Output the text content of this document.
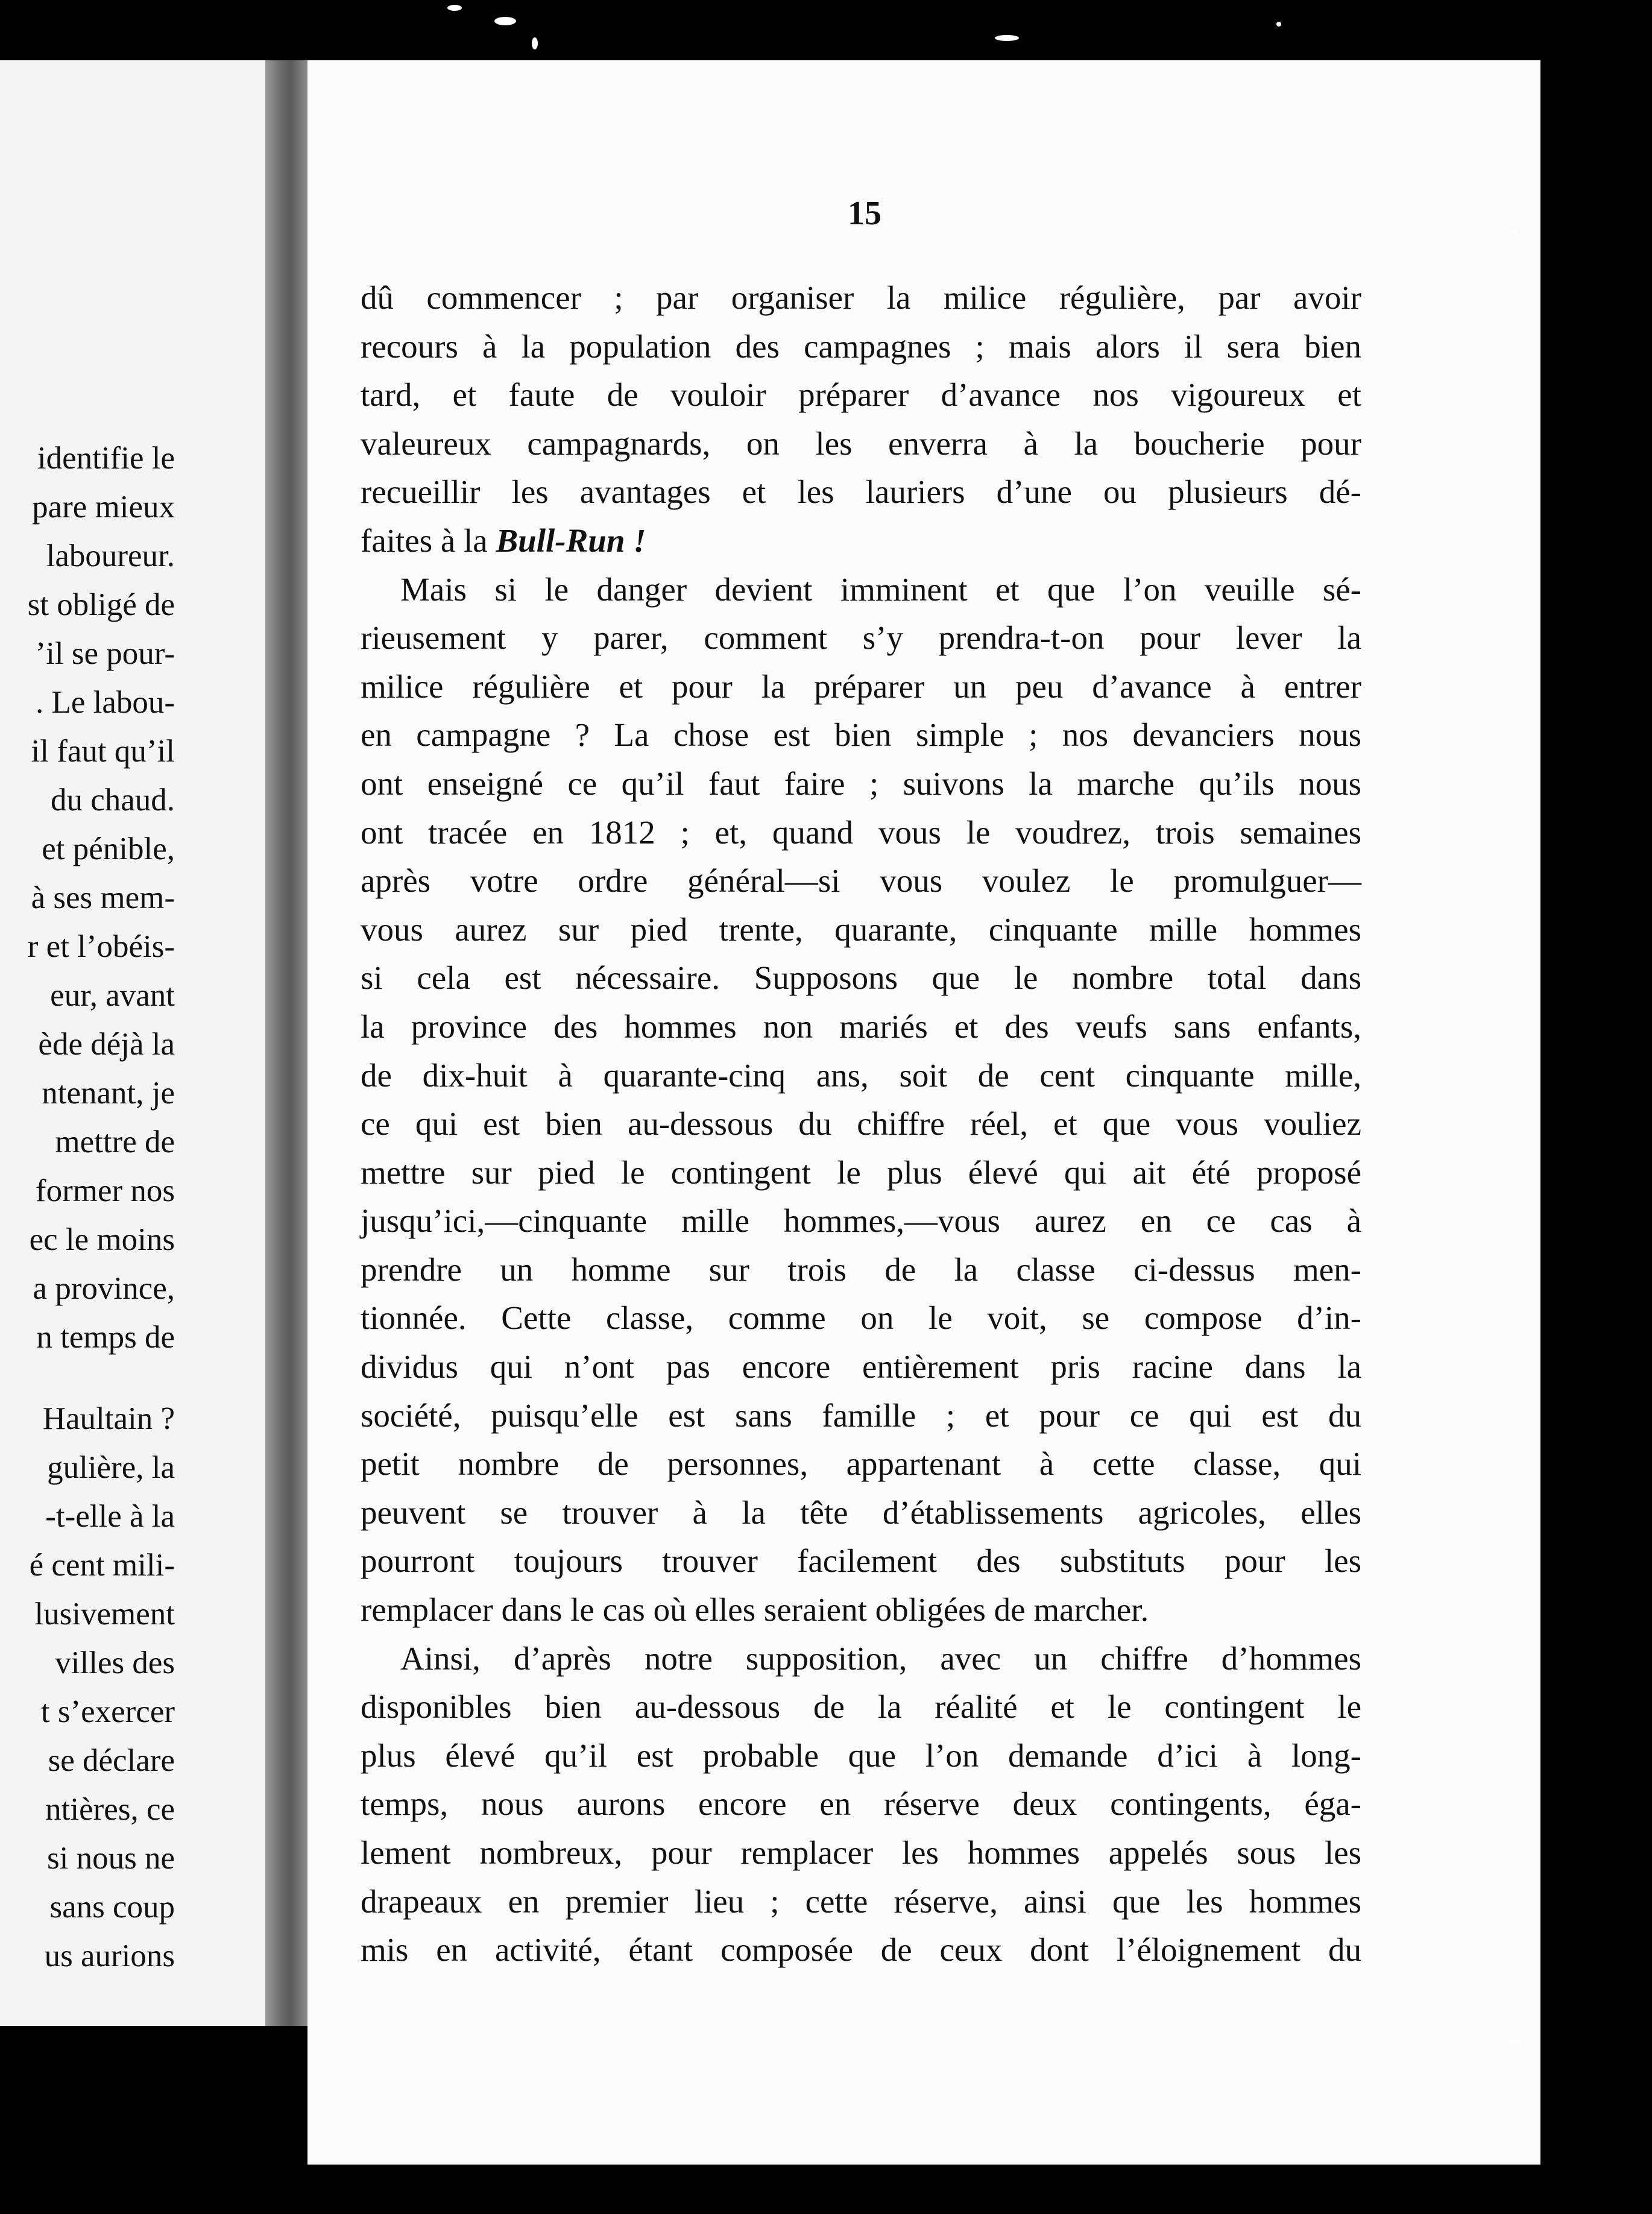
identifie le
pare mieux
laboureur.
st obligé de
’il se pour-
. Le labou-
il faut qu’il
du chaud.
et pénible,
à ses mem-
r et l’obéis-
eur, avant
ède déjà la
ntenant, je
mettre de
former nos
ec le moins
a province,
n temps de
Haultain ?
gulière, la
-t-elle à la
é cent mili-
lusivement
villes des
t s’exercer
se déclare
ntières, ce
si nous ne
sans coup
us aurions
15
dû commencer ; par organiser la milice régulière, par avoir
recours à la population des campagnes ; mais alors il sera bien
tard, et faute de vouloir préparer d’avance nos vigoureux et
valeureux campagnards, on les enverra à la boucherie pour
recueillir les avantages et les lauriers d’une ou plusieurs dé-
faites à la Bull-Run !
Mais si le danger devient imminent et que l’on veuille sé-
rieusement y parer, comment s’y prendra-t-on pour lever la
milice régulière et pour la préparer un peu d’avance à entrer
en campagne ? La chose est bien simple ; nos devanciers nous
ont enseigné ce qu’il faut faire ; suivons la marche qu’ils nous
ont tracée en 1812 ; et, quand vous le voudrez, trois semaines
après votre ordre général—si vous voulez le promulguer—
vous aurez sur pied trente, quarante, cinquante mille hommes
si cela est nécessaire. Supposons que le nombre total dans
la province des hommes non mariés et des veufs sans enfants,
de dix-huit à quarante-cinq ans, soit de cent cinquante mille,
ce qui est bien au-dessous du chiffre réel, et que vous vouliez
mettre sur pied le contingent le plus élevé qui ait été proposé
jusqu’ici,—cinquante mille hommes,—vous aurez en ce cas à
prendre un homme sur trois de la classe ci-dessus men-
tionnée. Cette classe, comme on le voit, se compose d’in-
dividus qui n’ont pas encore entièrement pris racine dans la
société, puisqu’elle est sans famille ; et pour ce qui est du
petit nombre de personnes, appartenant à cette classe, qui
peuvent se trouver à la tête d’établissements agricoles, elles
pourront toujours trouver facilement des substituts pour les
remplacer dans le cas où elles seraient obligées de marcher.
Ainsi, d’après notre supposition, avec un chiffre d’hommes
disponibles bien au-dessous de la réalité et le contingent le
plus élevé qu’il est probable que l’on demande d’ici à long-
temps, nous aurons encore en réserve deux contingents, éga-
lement nombreux, pour remplacer les hommes appelés sous les
drapeaux en premier lieu ; cette réserve, ainsi que les hommes
mis en activité, étant composée de ceux dont l’éloignement du
